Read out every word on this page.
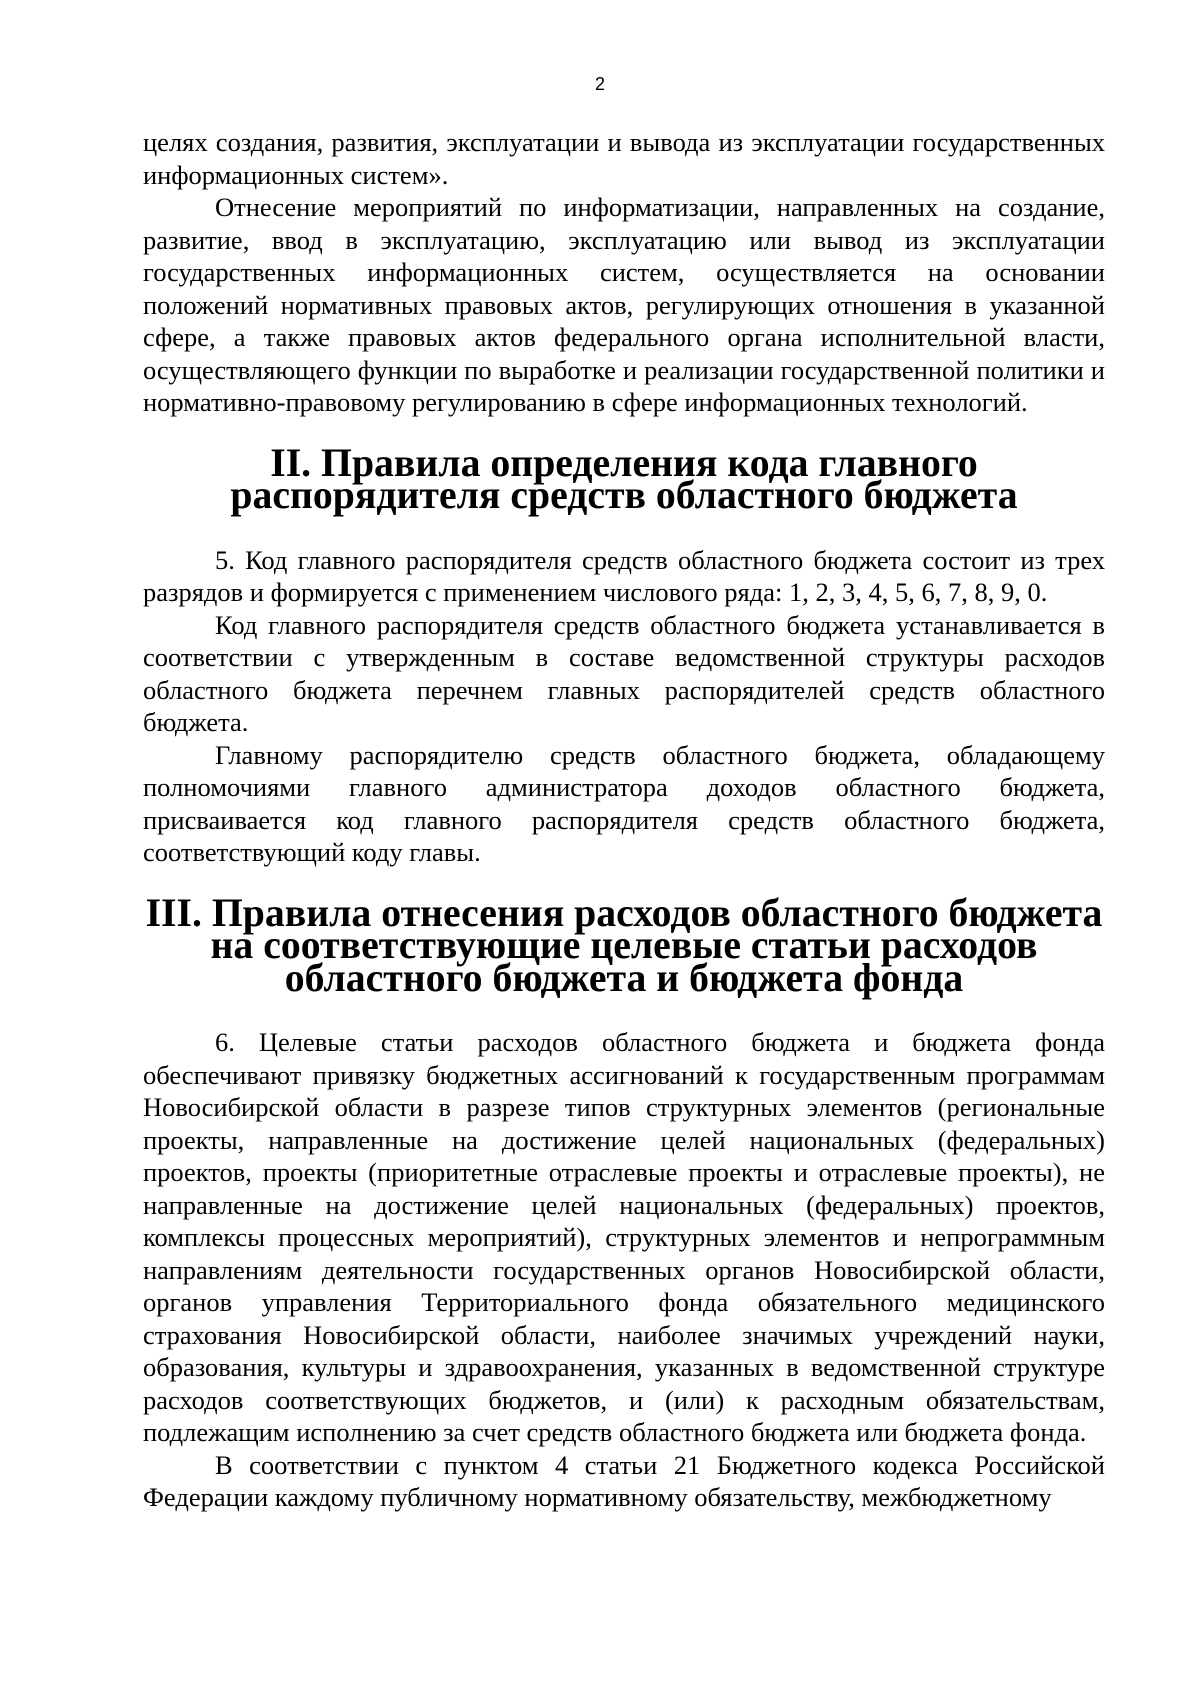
2

целях создания, развития, эксплуатации и вывода из эксплуатации государственных информационных систем».

Отнесение мероприятий по информатизации, направленных на создание, развитие, ввод в эксплуатацию, эксплуатацию или вывод из эксплуатации государственных информационных систем, осуществляется на основании положений нормативных правовых актов, регулирующих отношения в указанной сфере, а также правовых актов федерального органа исполнительной власти, осуществляющего функции по выработке и реализации государственной политики и нормативно-правовому регулированию в сфере информационных технологий.

II. Правила определения кода главного
распорядителя средств областного бюджета

5. Код главного распорядителя средств областного бюджета состоит из трех разрядов и формируется с применением числового ряда: 1, 2, 3, 4, 5, 6, 7, 8, 9, 0.

Код главного распорядителя средств областного бюджета устанавливается в соответствии с утвержденным в составе ведомственной структуры расходов областного бюджета перечнем главных распорядителей средств областного бюджета.

Главному распорядителю средств областного бюджета, обладающему полномочиями главного администратора доходов областного бюджета, присваивается код главного распорядителя средств областного бюджета, соответствующий коду главы.

III. Правила отнесения расходов областного бюджета
на соответствующие целевые статьи расходов
областного бюджета и бюджета фонда

6. Целевые статьи расходов областного бюджета и бюджета фонда обеспечивают привязку бюджетных ассигнований к государственным программам Новосибирской области в разрезе типов структурных элементов (региональные проекты, направленные на достижение целей национальных (федеральных) проектов, проекты (приоритетные отраслевые проекты и отраслевые проекты), не направленные на достижение целей национальных (федеральных) проектов, комплексы процессных мероприятий), структурных элементов и непрограммным направлениям деятельности государственных органов Новосибирской области, органов управления Территориального фонда обязательного медицинского страхования Новосибирской области, наиболее значимых учреждений науки, образования, культуры и здравоохранения, указанных в ведомственной структуре расходов соответствующих бюджетов, и (или) к расходным обязательствам, подлежащим исполнению за счет средств областного бюджета или бюджета фонда.

В соответствии с пунктом 4 статьи 21 Бюджетного кодекса Российской Федерации каждому публичному нормативному обязательству, межбюджетному
